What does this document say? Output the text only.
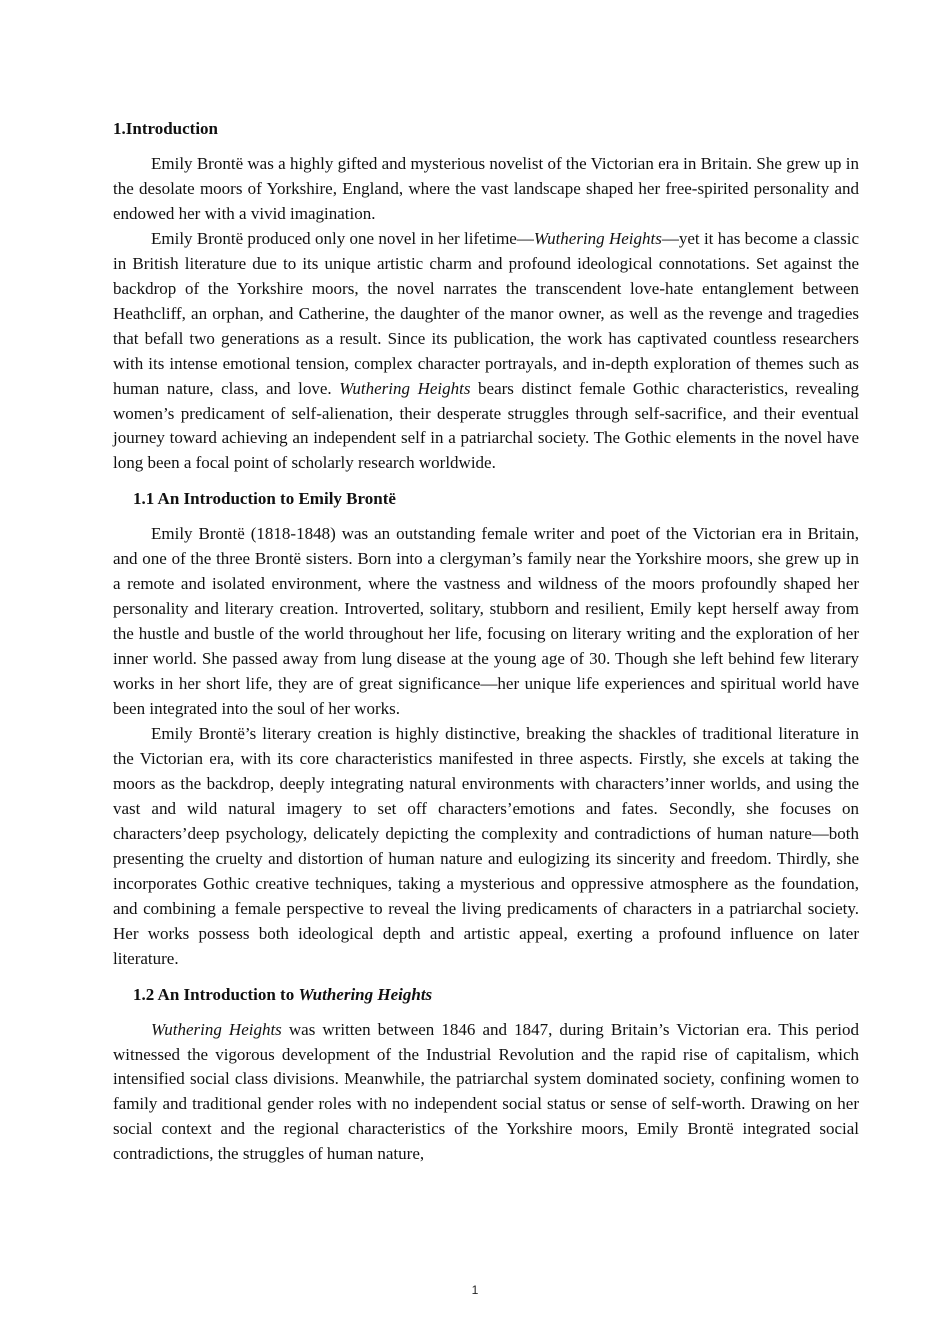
1.Introduction

Emily Brontë was a highly gifted and mysterious novelist of the Victorian era in Britain. She grew up in the desolate moors of Yorkshire, England, where the vast landscape shaped her free-spirited personality and endowed her with a vivid imagination.

Emily Brontë produced only one novel in her lifetime—Wuthering Heights—yet it has become a classic in British literature due to its unique artistic charm and profound ideological connotations. Set against the backdrop of the Yorkshire moors, the novel narrates the transcendent love-hate entanglement between Heathcliff, an orphan, and Catherine, the daughter of the manor owner, as well as the revenge and tragedies that befall two generations as a result. Since its publication, the work has captivated countless researchers with its intense emotional tension, complex character portrayals, and in-depth exploration of themes such as human nature, class, and love. Wuthering Heights bears distinct female Gothic characteristics, revealing women’s predicament of self-alienation, their desperate struggles through self-sacrifice, and their eventual journey toward achieving an independent self in a patriarchal society. The Gothic elements in the novel have long been a focal point of scholarly research worldwide.

1.1 An Introduction to Emily Brontë

Emily Brontë (1818-1848) was an outstanding female writer and poet of the Victorian era in Britain, and one of the three Brontë sisters. Born into a clergyman’s family near the Yorkshire moors, she grew up in a remote and isolated environment, where the vastness and wildness of the moors profoundly shaped her personality and literary creation. Introverted, solitary, stubborn and resilient, Emily kept herself away from the hustle and bustle of the world throughout her life, focusing on literary writing and the exploration of her inner world. She passed away from lung disease at the young age of 30. Though she left behind few literary works in her short life, they are of great significance—her unique life experiences and spiritual world have been integrated into the soul of her works.

Emily Brontë’s literary creation is highly distinctive, breaking the shackles of traditional literature in the Victorian era, with its core characteristics manifested in three aspects. Firstly, she excels at taking the moors as the backdrop, deeply integrating natural environments with characters’inner worlds, and using the vast and wild natural imagery to set off characters’emotions and fates. Secondly, she focuses on characters’deep psychology, delicately depicting the complexity and contradictions of human nature—both presenting the cruelty and distortion of human nature and eulogizing its sincerity and freedom. Thirdly, she incorporates Gothic creative techniques, taking a mysterious and oppressive atmosphere as the foundation, and combining a female perspective to reveal the living predicaments of characters in a patriarchal society. Her works possess both ideological depth and artistic appeal, exerting a profound influence on later literature.

1.2 An Introduction to Wuthering Heights

Wuthering Heights was written between 1846 and 1847, during Britain’s Victorian era. This period witnessed the vigorous development of the Industrial Revolution and the rapid rise of capitalism, which intensified social class divisions. Meanwhile, the patriarchal system dominated society, confining women to family and traditional gender roles with no independent social status or sense of self-worth. Drawing on her social context and the regional characteristics of the Yorkshire moors, Emily Brontë integrated social contradictions, the struggles of human nature,

1
